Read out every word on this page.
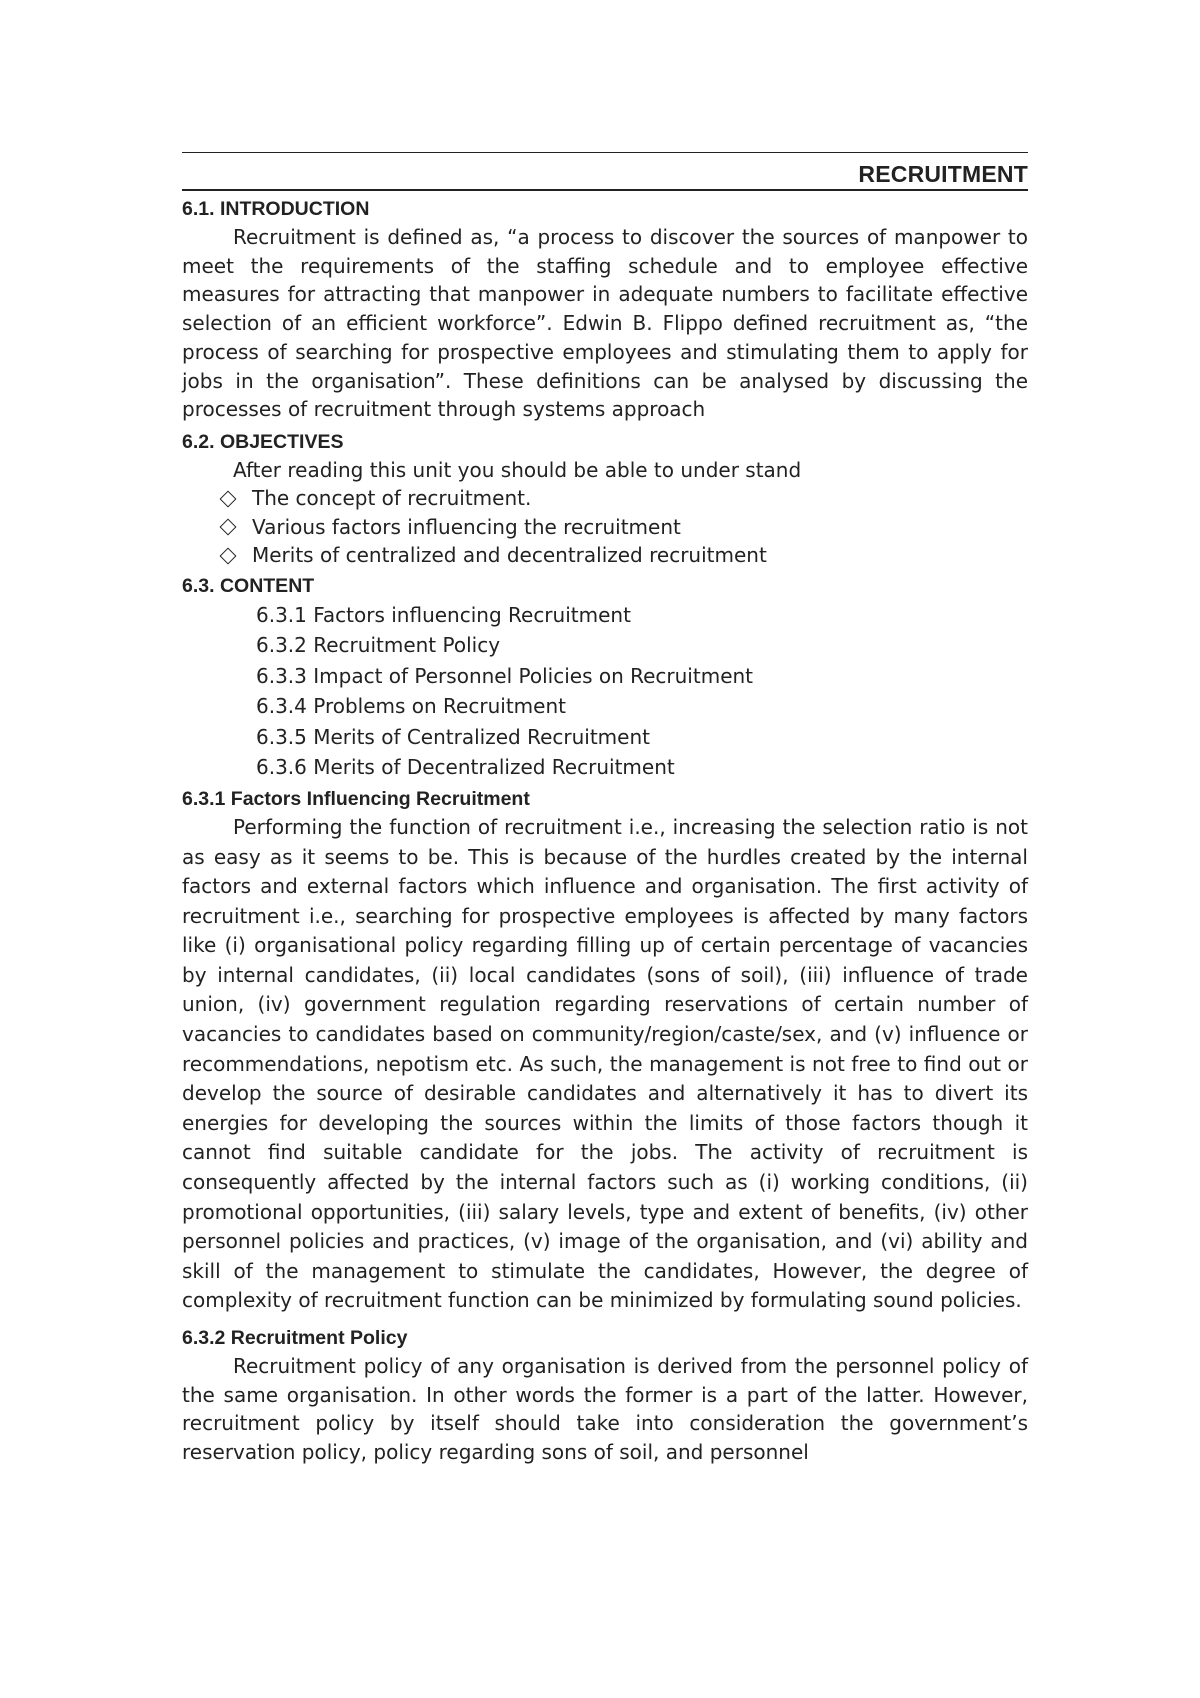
RECRUITMENT
6.1. INTRODUCTION

Recruitment is defined as, “a process to discover the sources of manpower to meet the requirements of the staffing schedule and to employee effective measures for attracting that manpower in adequate numbers to facilitate effective selection of an efficient workforce”. Edwin B. Flippo defined recruitment as, “the process of searching for prospective employees and stimulating them to apply for jobs in the organisation”. These definitions can be analysed by discussing the processes of recruitment through systems approach

6.2. OBJECTIVES

After reading this unit you should be able to under stand

The concept of recruitment.
Various factors influencing the recruitment
Merits of centralized and decentralized recruitment
6.3. CONTENT
6.3.1 Factors influencing Recruitment
6.3.2 Recruitment Policy
6.3.3 Impact of Personnel Policies on Recruitment
6.3.4 Problems on Recruitment
6.3.5 Merits of Centralized Recruitment
6.3.6 Merits of Decentralized Recruitment
6.3.1 Factors Influencing Recruitment

Performing the function of recruitment i.e., increasing the selection ratio is not as easy as it seems to be. This is because of the hurdles created by the internal factors and external factors which influence and organisation. The first activity of recruitment i.e., searching for prospective employees is affected by many factors like (i) organisational policy regarding filling up of certain percentage of vacancies by internal candidates, (ii) local candidates (sons of soil), (iii) influence of trade union, (iv) government regulation regarding reservations of certain number of vacancies to candidates based on community/region/caste/sex, and (v) influence or recommendations, nepotism etc. As such, the management is not free to find out or develop the source of desirable candidates and alternatively it has to divert its energies for developing the sources within the limits of those factors though it cannot find suitable candidate for the jobs. The activity of recruitment is consequently affected by the internal factors such as (i) working conditions, (ii) promotional opportunities, (iii) salary levels, type and extent of benefits, (iv) other personnel policies and practices, (v) image of the organisation, and (vi) ability and skill of the management to stimulate the candidates, However, the degree of complexity of recruitment function can be minimized by formulating sound policies.

6.3.2 Recruitment Policy

Recruitment policy of any organisation is derived from the personnel policy of the same organisation. In other words the former is a part of the latter. However, recruitment policy by itself should take into consideration the government’s reservation policy, policy regarding sons of soil, and personnel
